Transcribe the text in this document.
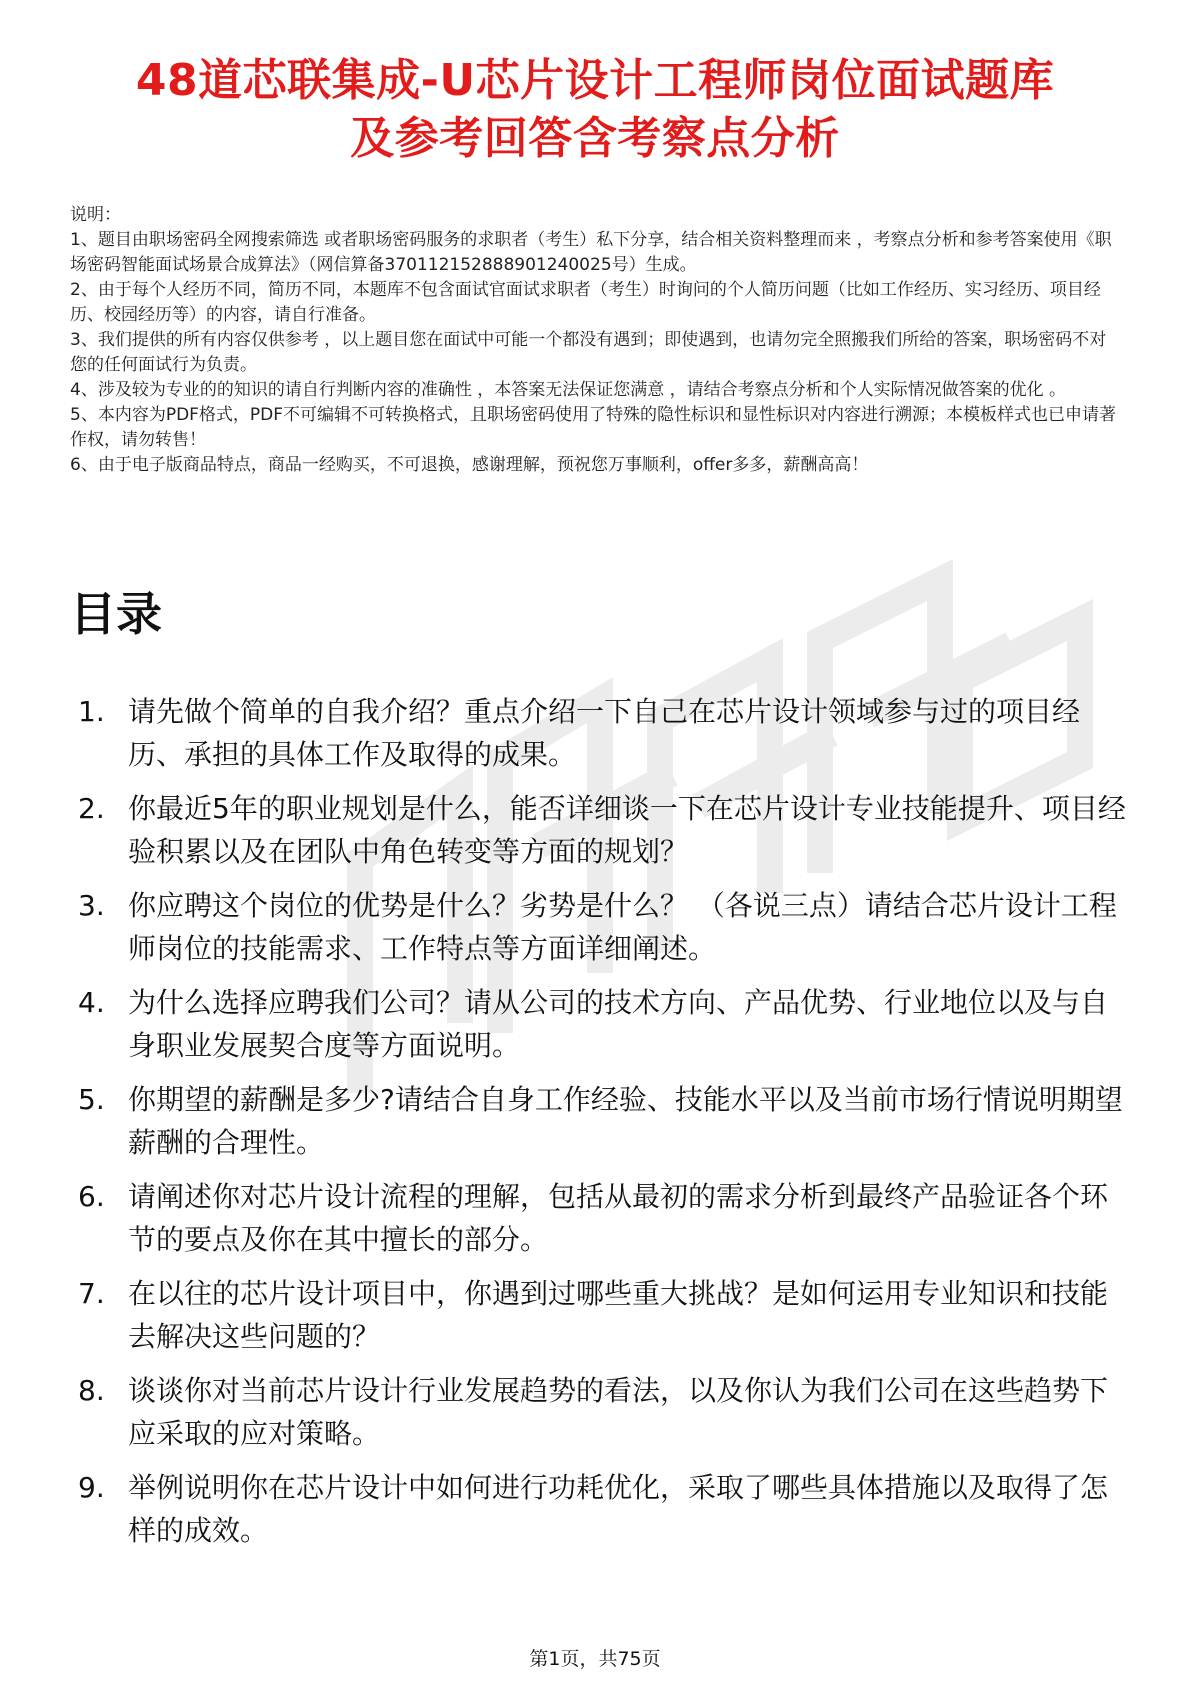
48道芯联集成-U芯片设计工程师岗位面试题库
及参考回答含考察点分析

说明：

1、题目由职场密码全网搜索筛选 或者职场密码服务的求职者（考生）私下分享，结合相关资料整理而来 ，考察点分析和参考答案使用《职场密码智能面试场景合成算法》（网信算备370112152888901240025号）生成。

2、由于每个人经历不同，简历不同，本题库不包含面试官面试求职者（考生）时询问的个人简历问题（比如工作经历、实习经历、项目经历、校园经历等）的内容，请自行准备。

3、我们提供的所有内容仅供参考 ，以上题目您在面试中可能一个都没有遇到；即使遇到，也请勿完全照搬我们所给的答案，职场密码不对您的任何面试行为负责。

4、涉及较为专业的的知识的请自行判断内容的准确性 ，本答案无法保证您满意 ，请结合考察点分析和个人实际情况做答案的优化 。

5、本内容为PDF格式，PDF不可编辑不可转换格式，且职场密码使用了特殊的隐性标识和显性标识对内容进行溯源；本模板样式也已申请著作权，请勿转售！

6、由于电子版商品特点，商品一经购买，不可退换，感谢理解，预祝您万事顺利，offer多多，薪酬高高！

目录
1. 请先做个简单的自我介绍？重点介绍一下自己在芯片设计领域参与过的项目经历、承担的具体工作及取得的成果。
2. 你最近5年的职业规划是什么，能否详细谈一下在芯片设计专业技能提升、项目经验积累以及在团队中角色转变等方面的规划？
3. 你应聘这个岗位的优势是什么？劣势是什么？ （各说三点）请结合芯片设计工程师岗位的技能需求、工作特点等方面详细阐述。
4. 为什么选择应聘我们公司？请从公司的技术方向、产品优势、行业地位以及与自身职业发展契合度等方面说明。
5. 你期望的薪酬是多少?请结合自身工作经验、技能水平以及当前市场行情说明期望薪酬的合理性。
6. 请阐述你对芯片设计流程的理解，包括从最初的需求分析到最终产品验证各个环节的要点及你在其中擅长的部分。
7. 在以往的芯片设计项目中，你遇到过哪些重大挑战？是如何运用专业知识和技能去解决这些问题的？
8. 谈谈你对当前芯片设计行业发展趋势的看法，以及你认为我们公司在这些趋势下应采取的应对策略。
9. 举例说明你在芯片设计中如何进行功耗优化，采取了哪些具体措施以及取得了怎样的成效。
第1页，共75页
